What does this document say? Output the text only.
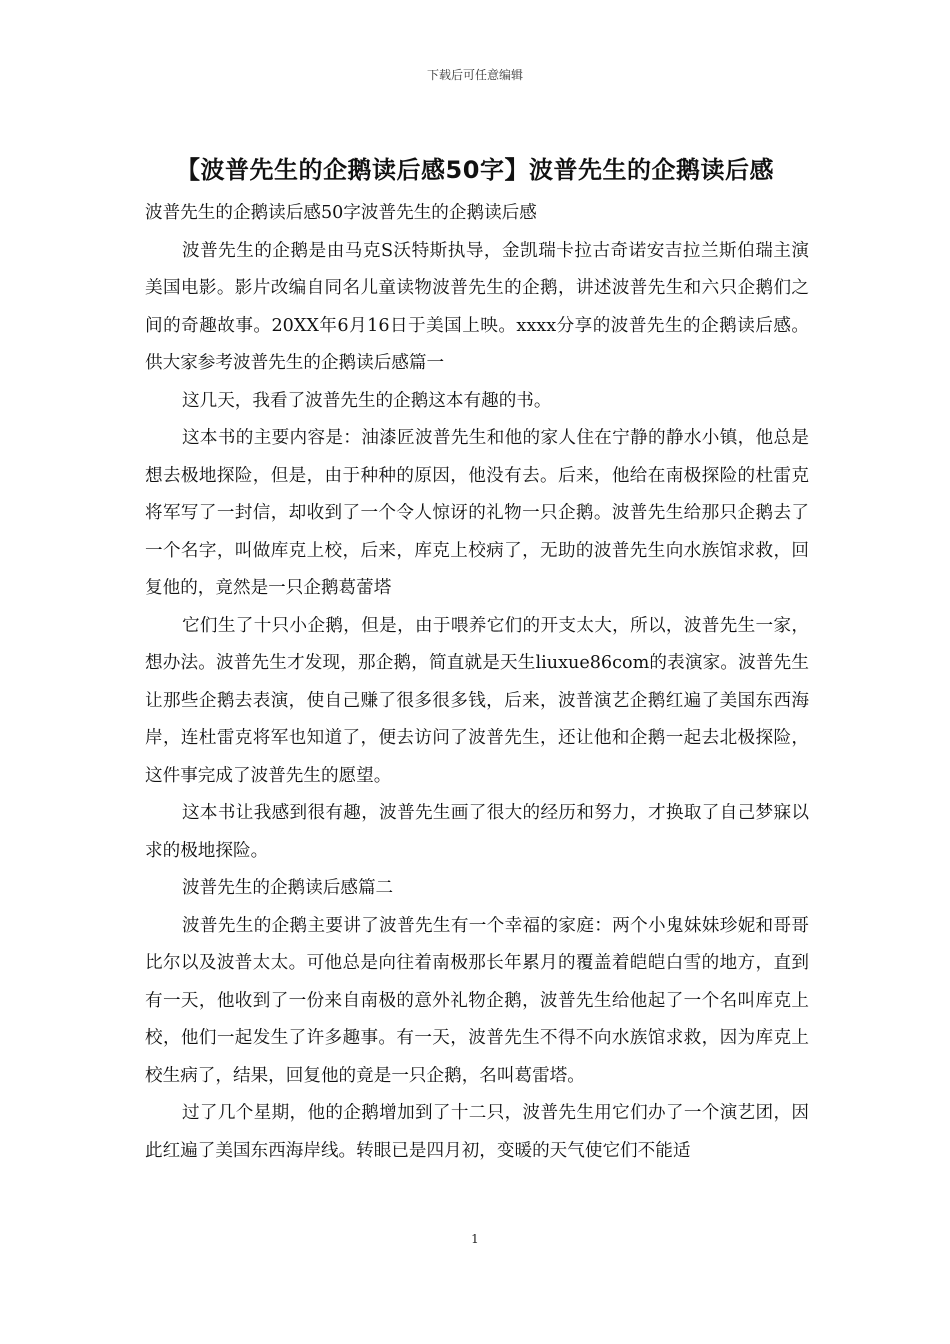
下载后可任意编辑
【波普先生的企鹅读后感50字】波普先生的企鹅读后感

波普先生的企鹅读后感50字波普先生的企鹅读后感

波普先生的企鹅是由马克S沃特斯执导，金凯瑞卡拉古奇诺安吉拉兰斯伯瑞主演美国电影。影片改编自同名儿童读物波普先生的企鹅，讲述波普先生和六只企鹅们之间的奇趣故事。20XX年6月16日于美国上映。xxxx分享的波普先生的企鹅读后感。供大家参考波普先生的企鹅读后感篇一

这几天，我看了波普先生的企鹅这本有趣的书。

这本书的主要内容是：油漆匠波普先生和他的家人住在宁静的静水小镇，他总是想去极地探险，但是，由于种种的原因，他没有去。后来，他给在南极探险的杜雷克将军写了一封信，却收到了一个令人惊讶的礼物一只企鹅。波普先生给那只企鹅去了一个名字，叫做库克上校，后来，库克上校病了，无助的波普先生向水族馆求救，回复他的，竟然是一只企鹅葛蕾塔

它们生了十只小企鹅，但是，由于喂养它们的开支太大，所以，波普先生一家，想办法。波普先生才发现，那企鹅，简直就是天生liuxue86com的表演家。波普先生让那些企鹅去表演，使自己赚了很多很多钱，后来，波普演艺企鹅红遍了美国东西海岸，连杜雷克将军也知道了，便去访问了波普先生，还让他和企鹅一起去北极探险，这件事完成了波普先生的愿望。

这本书让我感到很有趣，波普先生画了很大的经历和努力，才换取了自己梦寐以求的极地探险。

波普先生的企鹅读后感篇二

波普先生的企鹅主要讲了波普先生有一个幸福的家庭：两个小鬼妹妹珍妮和哥哥比尔以及波普太太。可他总是向往着南极那长年累月的覆盖着皑皑白雪的地方，直到有一天，他收到了一份来自南极的意外礼物企鹅，波普先生给他起了一个名叫库克上校，他们一起发生了许多趣事。有一天，波普先生不得不向水族馆求救，因为库克上校生病了，结果，回复他的竟是一只企鹅，名叫葛雷塔。

过了几个星期，他的企鹅增加到了十二只，波普先生用它们办了一个演艺团，因此红遍了美国东西海岸线。转眼已是四月初，变暖的天气使它们不能适

1
